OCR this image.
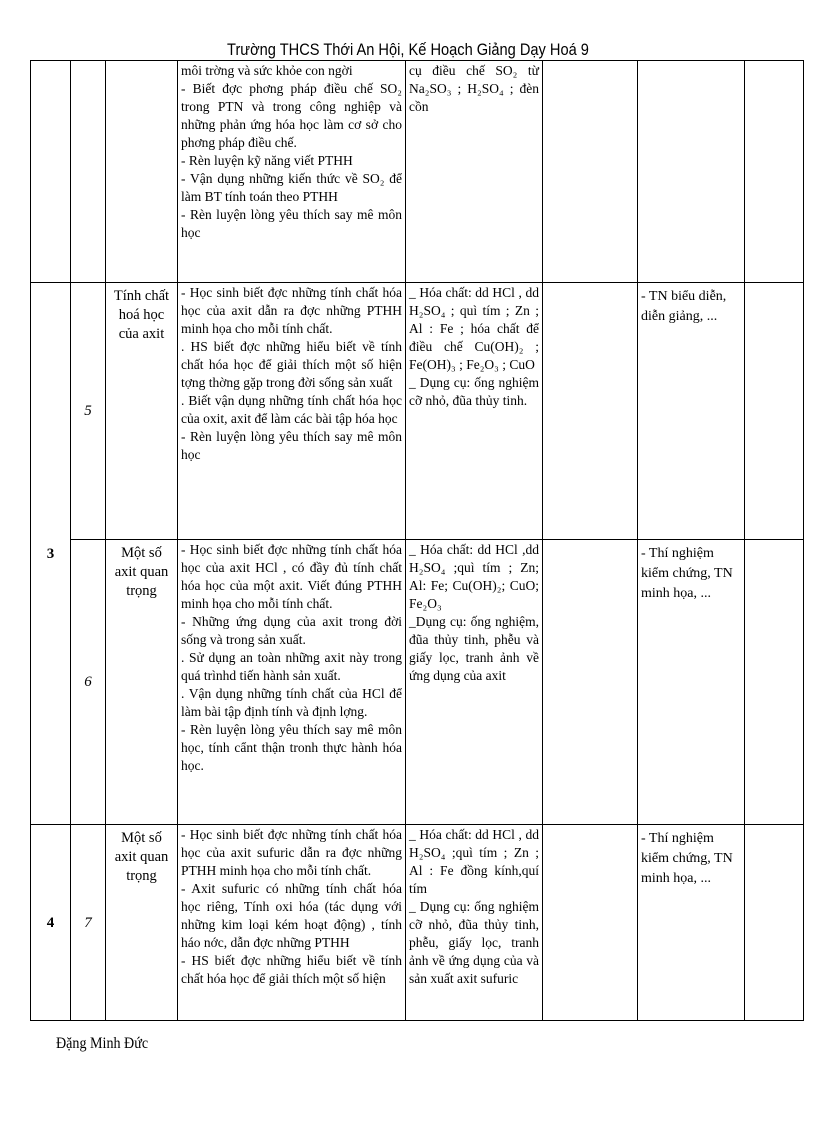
Trường THCS Thới An Hội, Kế Hoạch Giảng Dạy Hoá 9

			môi trờng và sức khỏe con ngời
- Biết đợc phơng pháp điều chế SO₂ trong PTN và trong công nghiệp và những phản ứng hóa học làm cơ sở cho phơng pháp điều chế.
- Rèn luyện kỹ năng viết PTHH
- Vận dụng những kiến thức về SO₂ để làm BT tính toán theo PTHH
- Rèn luyện lòng yêu thích say mê môn học	cụ điều chế SO₂ từ Na₂SO₃ ; H₂SO₄ ; đèn cồn			

3	5	Tính chất hoá học của axit	- Học sinh biết đợc những tính chất hóa học của axit dẫn ra đợc những PTHH minh họa cho mỗi tính chất.
. HS biết đợc những hiểu biết về tính chất hóa học để giải thích một số hiện tợng thờng gặp trong đời sống sản xuất
. Biết vận dụng những tính chất hóa học của oxit, axit để làm các bài tập hóa học
- Rèn luyện lòng yêu thích say mê môn học	_ Hóa chất: dd HCl , dd H₂SO₄ ; quì tím ; Zn ; Al : Fe ; hóa chất để điều chế Cu(OH)₂ ; Fe(OH)₃ ; Fe₂O₃ ; CuO
_ Dụng cụ: ống nghiệm cỡ nhỏ, đũa thủy tinh.		- TN biểu diễn, diễn giảng, ...	
	6	Một số axit quan trọng	- Học sinh biết đợc những tính chất hóa học của axit HCl , có đầy đủ tính chất hóa học của một axit. Viết đúng PTHH minh họa cho mỗi tính chất.
- Những ứng dụng của axit trong đời sống và trong sản xuất.
. Sử dụng an toàn những axit này trong quá trìnhd tiến hành sản xuất.
. Vận dụng những tính chất của HCl để làm bài tập định tính và định lợng.
- Rèn luyện lòng yêu thích say mê môn học, tính cẩnt thận tronh thực hành hóa học.	_ Hóa chất: dd HCl ,dd H₂SO₄ ;quì tím ; Zn; Al: Fe; Cu(OH)₂; CuO; Fe₂O₃
_Dụng cụ: ống nghiệm, đũa thủy tinh, phễu và giấy lọc, tranh ảnh về ứng dụng của axit		- Thí nghiệm kiểm chứng, TN minh họa, ...	
4	7	Một số axit quan trọng	- Học sinh biết đợc những tính chất hóa học của axit sufuric dẫn ra đợc những PTHH minh họa cho mỗi tính chất.
- Axit sufuric có những tính chất hóa học riêng, Tính oxi hóa (tác dụng với những kim loại kém hoạt động) , tính háo nớc, dẫn đợc những PTHH
- HS biết đợc những hiểu biết về tính chất hóa học để giải thích một số hiện	_ Hóa chất: dd HCl , dd H₂SO₄ ;quì tím ; Zn ; Al : Fe đồng kính,quí tím
_ Dụng cụ: ống nghiệm cỡ nhỏ, đũa thủy tinh, phễu, giấy lọc, tranh ảnh về ứng dụng của và sản xuất axit sufuric		- Thí nghiệm kiểm chứng, TN minh họa, ...	
Đặng Minh Đức
